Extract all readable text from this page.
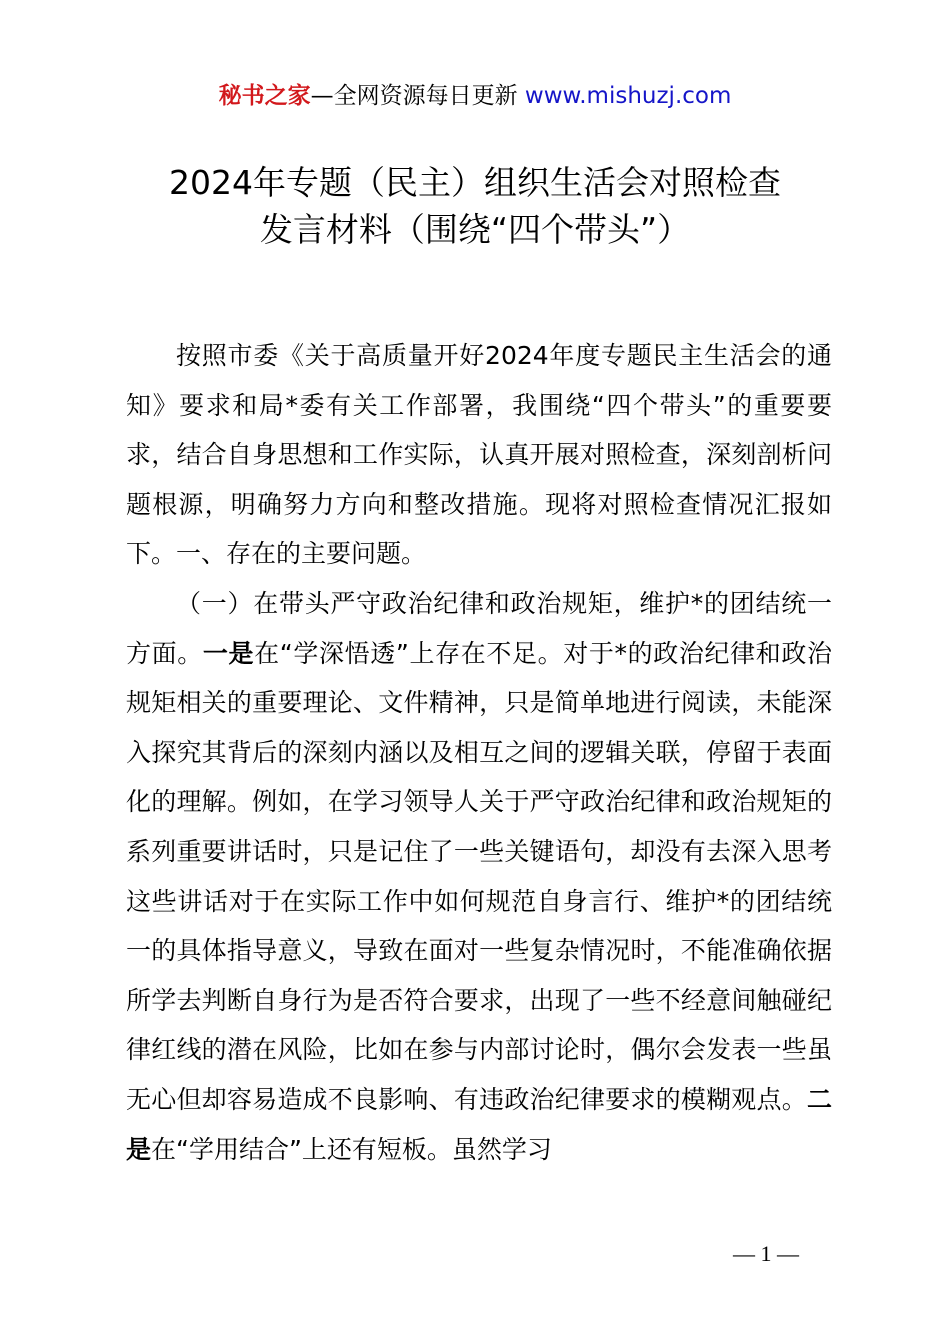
秘书之家—全网资源每日更新 www.mishuzj.com
2024年专题（民主）组织生活会对照检查
发言材料（围绕“四个带头”）

按照市委《关于高质量开好2024年度专题民主生活会的通知》要求和局*委有关工作部署，我围绕“四个带头”的重要要求，结合自身思想和工作实际，认真开展对照检查，深刻剖析问题根源，明确努力方向和整改措施。现将对照检查情况汇报如下。一、存在的主要问题。

（一）在带头严守政治纪律和政治规矩，维护*的团结统一方面。一是在“学深悟透”上存在不足。对于*的政治纪律和政治规矩相关的重要理论、文件精神，只是简单地进行阅读，未能深入探究其背后的深刻内涵以及相互之间的逻辑关联，停留于表面化的理解。例如，在学习领导人关于严守政治纪律和政治规矩的系列重要讲话时，只是记住了一些关键语句，却没有去深入思考这些讲话对于在实际工作中如何规范自身言行、维护*的团结统一的具体指导意义，导致在面对一些复杂情况时，不能准确依据所学去判断自身行为是否符合要求，出现了一些不经意间触碰纪律红线的潜在风险，比如在参与内部讨论时，偶尔会发表一些虽无心但却容易造成不良影响、有违政治纪律要求的模糊观点。二是在“学用结合”上还有短板。虽然学习

— 1 —
